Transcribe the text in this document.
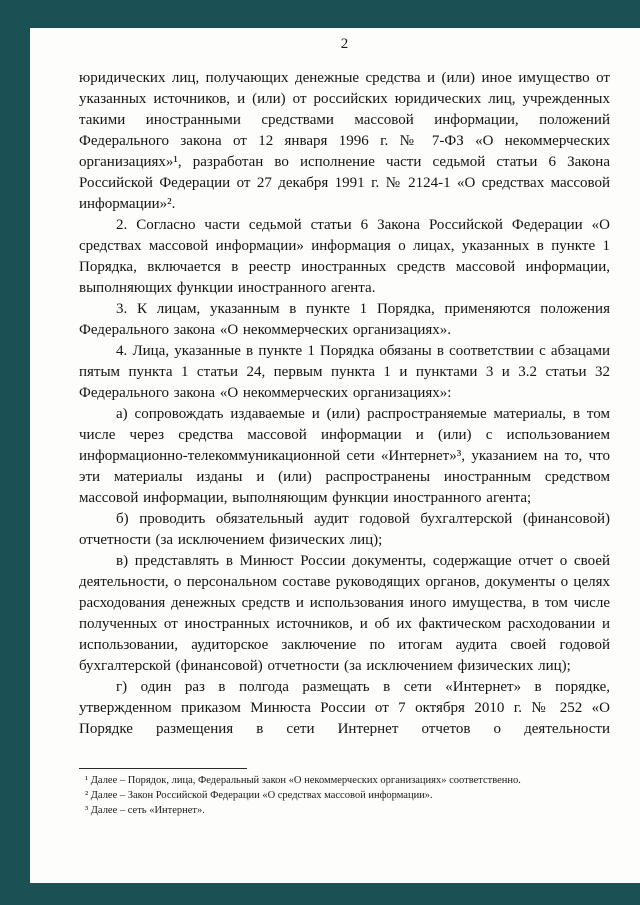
2

юридических лиц, получающих денежные средства и (или) иное имущество от указанных источников, и (или) от российских юридических лиц, учрежденных такими иностранными средствами массовой информации, положений Федерального закона от 12 января 1996 г. № 7-ФЗ «О некоммерческих организациях»¹, разработан во исполнение части седьмой статьи 6 Закона Российской Федерации от 27 декабря 1991 г. № 2124-1 «О средствах массовой информации»².

2. Согласно части седьмой статьи 6 Закона Российской Федерации «О средствах массовой информации» информация о лицах, указанных в пункте 1 Порядка, включается в реестр иностранных средств массовой информации, выполняющих функции иностранного агента.

3. К лицам, указанным в пункте 1 Порядка, применяются положения Федерального закона «О некоммерческих организациях».

4. Лица, указанные в пункте 1 Порядка обязаны в соответствии с абзацами пятым пункта 1 статьи 24, первым пункта 1 и пунктами 3 и 3.2 статьи 32 Федерального закона «О некоммерческих организациях»:

а) сопровождать издаваемые и (или) распространяемые материалы, в том числе через средства массовой информации и (или) с использованием информационно-телекоммуникационной сети «Интернет»³, указанием на то, что эти материалы изданы и (или) распространены иностранным средством массовой информации, выполняющим функции иностранного агента;

б) проводить обязательный аудит годовой бухгалтерской (финансовой) отчетности (за исключением физических лиц);

в) представлять в Минюст России документы, содержащие отчет о своей деятельности, о персональном составе руководящих органов, документы о целях расходования денежных средств и использования иного имущества, в том числе полученных от иностранных источников, и об их фактическом расходовании и использовании, аудиторское заключение по итогам аудита своей годовой бухгалтерской (финансовой) отчетности (за исключением физических лиц);

г) один раз в полгода размещать в сети «Интернет» в порядке, утвержденном приказом Минюста России от 7 октября 2010 г. № 252 «О Порядке размещения в сети Интернет отчетов о деятельности

¹ Далее – Порядок, лица, Федеральный закон «О некоммерческих организациях» соответственно.

² Далее – Закон Российской Федерации «О средствах массовой информации».

³ Далее – сеть «Интернет».
